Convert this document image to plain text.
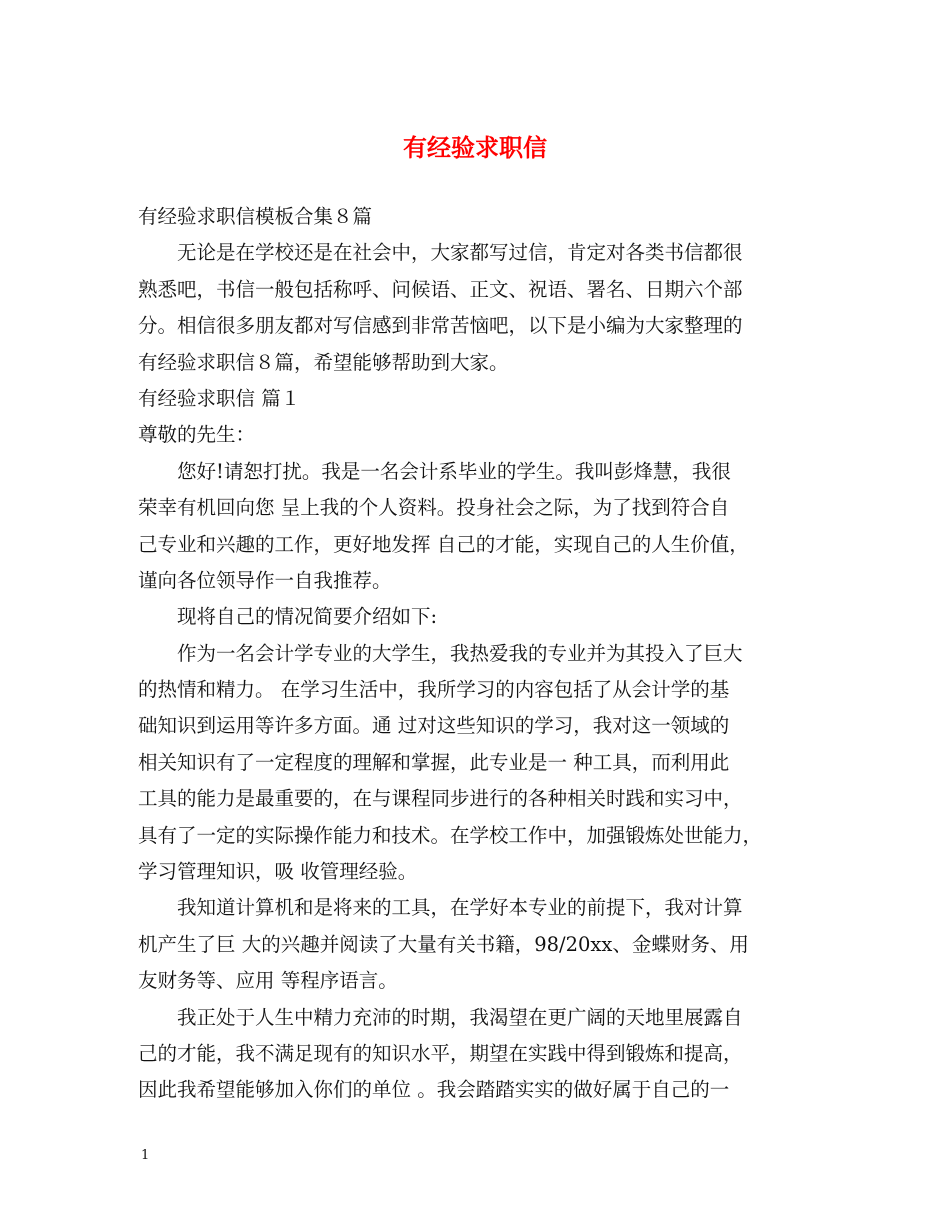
有经验求职信
有经验求职信模板合集８篇
无论是在学校还是在社会中，大家都写过信，肯定对各类书信都很
熟悉吧，书信一般包括称呼、问候语、正文、祝语、署名、日期六个部
分。相信很多朋友都对写信感到非常苦恼吧，以下是小编为大家整理的
有经验求职信８篇，希望能够帮助到大家。
有经验求职信 篇１
尊敬的先生：
您好!请恕打扰。我是一名会计系毕业的学生。我叫彭烽慧，我很
荣幸有机回向您 呈上我的个人资料。投身社会之际，为了找到符合自
己专业和兴趣的工作，更好地发挥 自己的才能，实现自己的人生价值，
谨向各位领导作一自我推荐。
现将自己的情况简要介绍如下:
作为一名会计学专业的大学生，我热爱我的专业并为其投入了巨大
的热情和精力。 在学习生活中，我所学习的内容包括了从会计学的基
础知识到运用等许多方面。通 过对这些知识的学习，我对这一领域的
相关知识有了一定程度的理解和掌握，此专业是一 种工具，而利用此
工具的能力是最重要的，在与课程同步进行的各种相关时践和实习中，
具有了一定的实际操作能力和技术。在学校工作中，加强锻炼处世能力，
学习管理知识，吸 收管理经验。
我知道计算机和是将来的工具，在学好本专业的前提下，我对计算
机产生了巨 大的兴趣并阅读了大量有关书籍，98/20xx、金蝶财务、用
友财务等、应用 等程序语言。
我正处于人生中精力充沛的时期，我渴望在更广阔的天地里展露自
己的才能，我不满足现有的知识水平，期望在实践中得到锻炼和提高，
因此我希望能够加入你们的单位 。我会踏踏实实的做好属于自己的一
1
